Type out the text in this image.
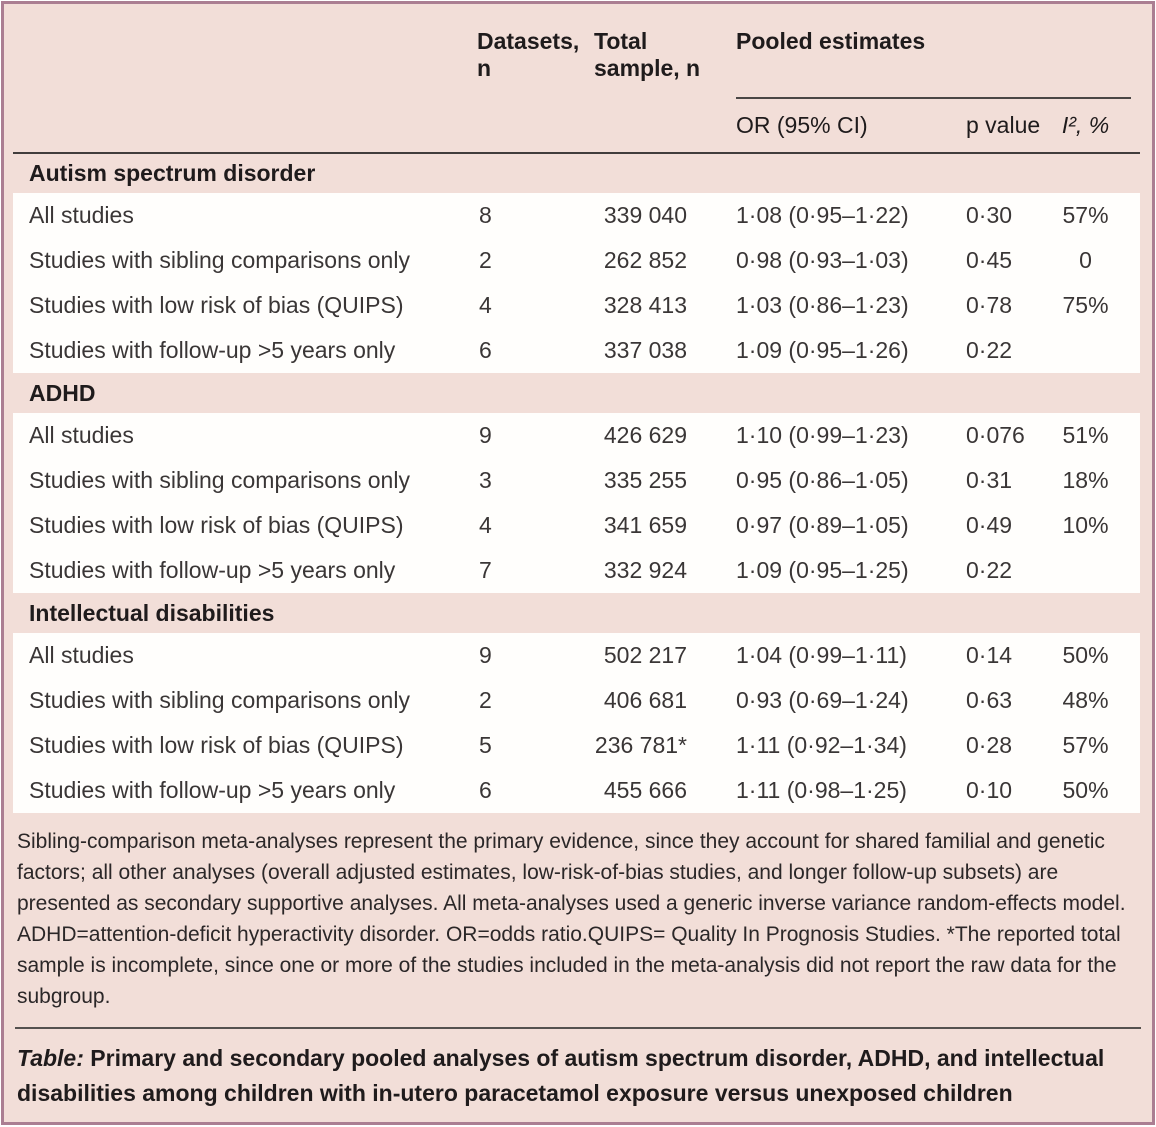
	Datasets, n	Total sample, n	Pooled estimates		

			OR (95% CI)	p value	I², %
Autism spectrum disorder					
All studies	8	339 040	1·08 (0·95–1·22)	0·30	57%
Studies with sibling comparisons only	2	262 852	0·98 (0·93–1·03)	0·45	0
Studies with low risk of bias (QUIPS)	4	328 413	1·03 (0·86–1·23)	0·78	75%
Studies with follow-up >5 years only	6	337 038	1·09 (0·95–1·26)	0·22	
ADHD					
All studies	9	426 629	1·10 (0·99–1·23)	0·076	51%
Studies with sibling comparisons only	3	335 255	0·95 (0·86–1·05)	0·31	18%
Studies with low risk of bias (QUIPS)	4	341 659	0·97 (0·89–1·05)	0·49	10%
Studies with follow-up >5 years only	7	332 924	1·09 (0·95–1·25)	0·22	
Intellectual disabilities					
All studies	9	502 217	1·04 (0·99–1·11)	0·14	50%
Studies with sibling comparisons only	2	406 681	0·93 (0·69–1·24)	0·63	48%
Studies with low risk of bias (QUIPS)	5	236 781*	1·11 (0·92–1·34)	0·28	57%
Studies with follow-up >5 years only	6	455 666	1·11 (0·98–1·25)	0·10	50%
Sibling-comparison meta-analyses represent the primary evidence, since they account for shared familial and genetic factors; all other analyses (overall adjusted estimates, low-risk-of-bias studies, and longer follow-up subsets) are presented as secondary supportive analyses. All meta-analyses used a generic inverse variance random-effects model. ADHD=attention-deficit hyperactivity disorder. OR=odds ratio.QUIPS= Quality In Prognosis Studies. *The reported total sample is incomplete, since one or more of the studies included in the meta-analysis did not report the raw data for the subgroup.
Table: Primary and secondary pooled analyses of autism spectrum disorder, ADHD, and intellectual disabilities among children with in-utero paracetamol exposure versus unexposed children
